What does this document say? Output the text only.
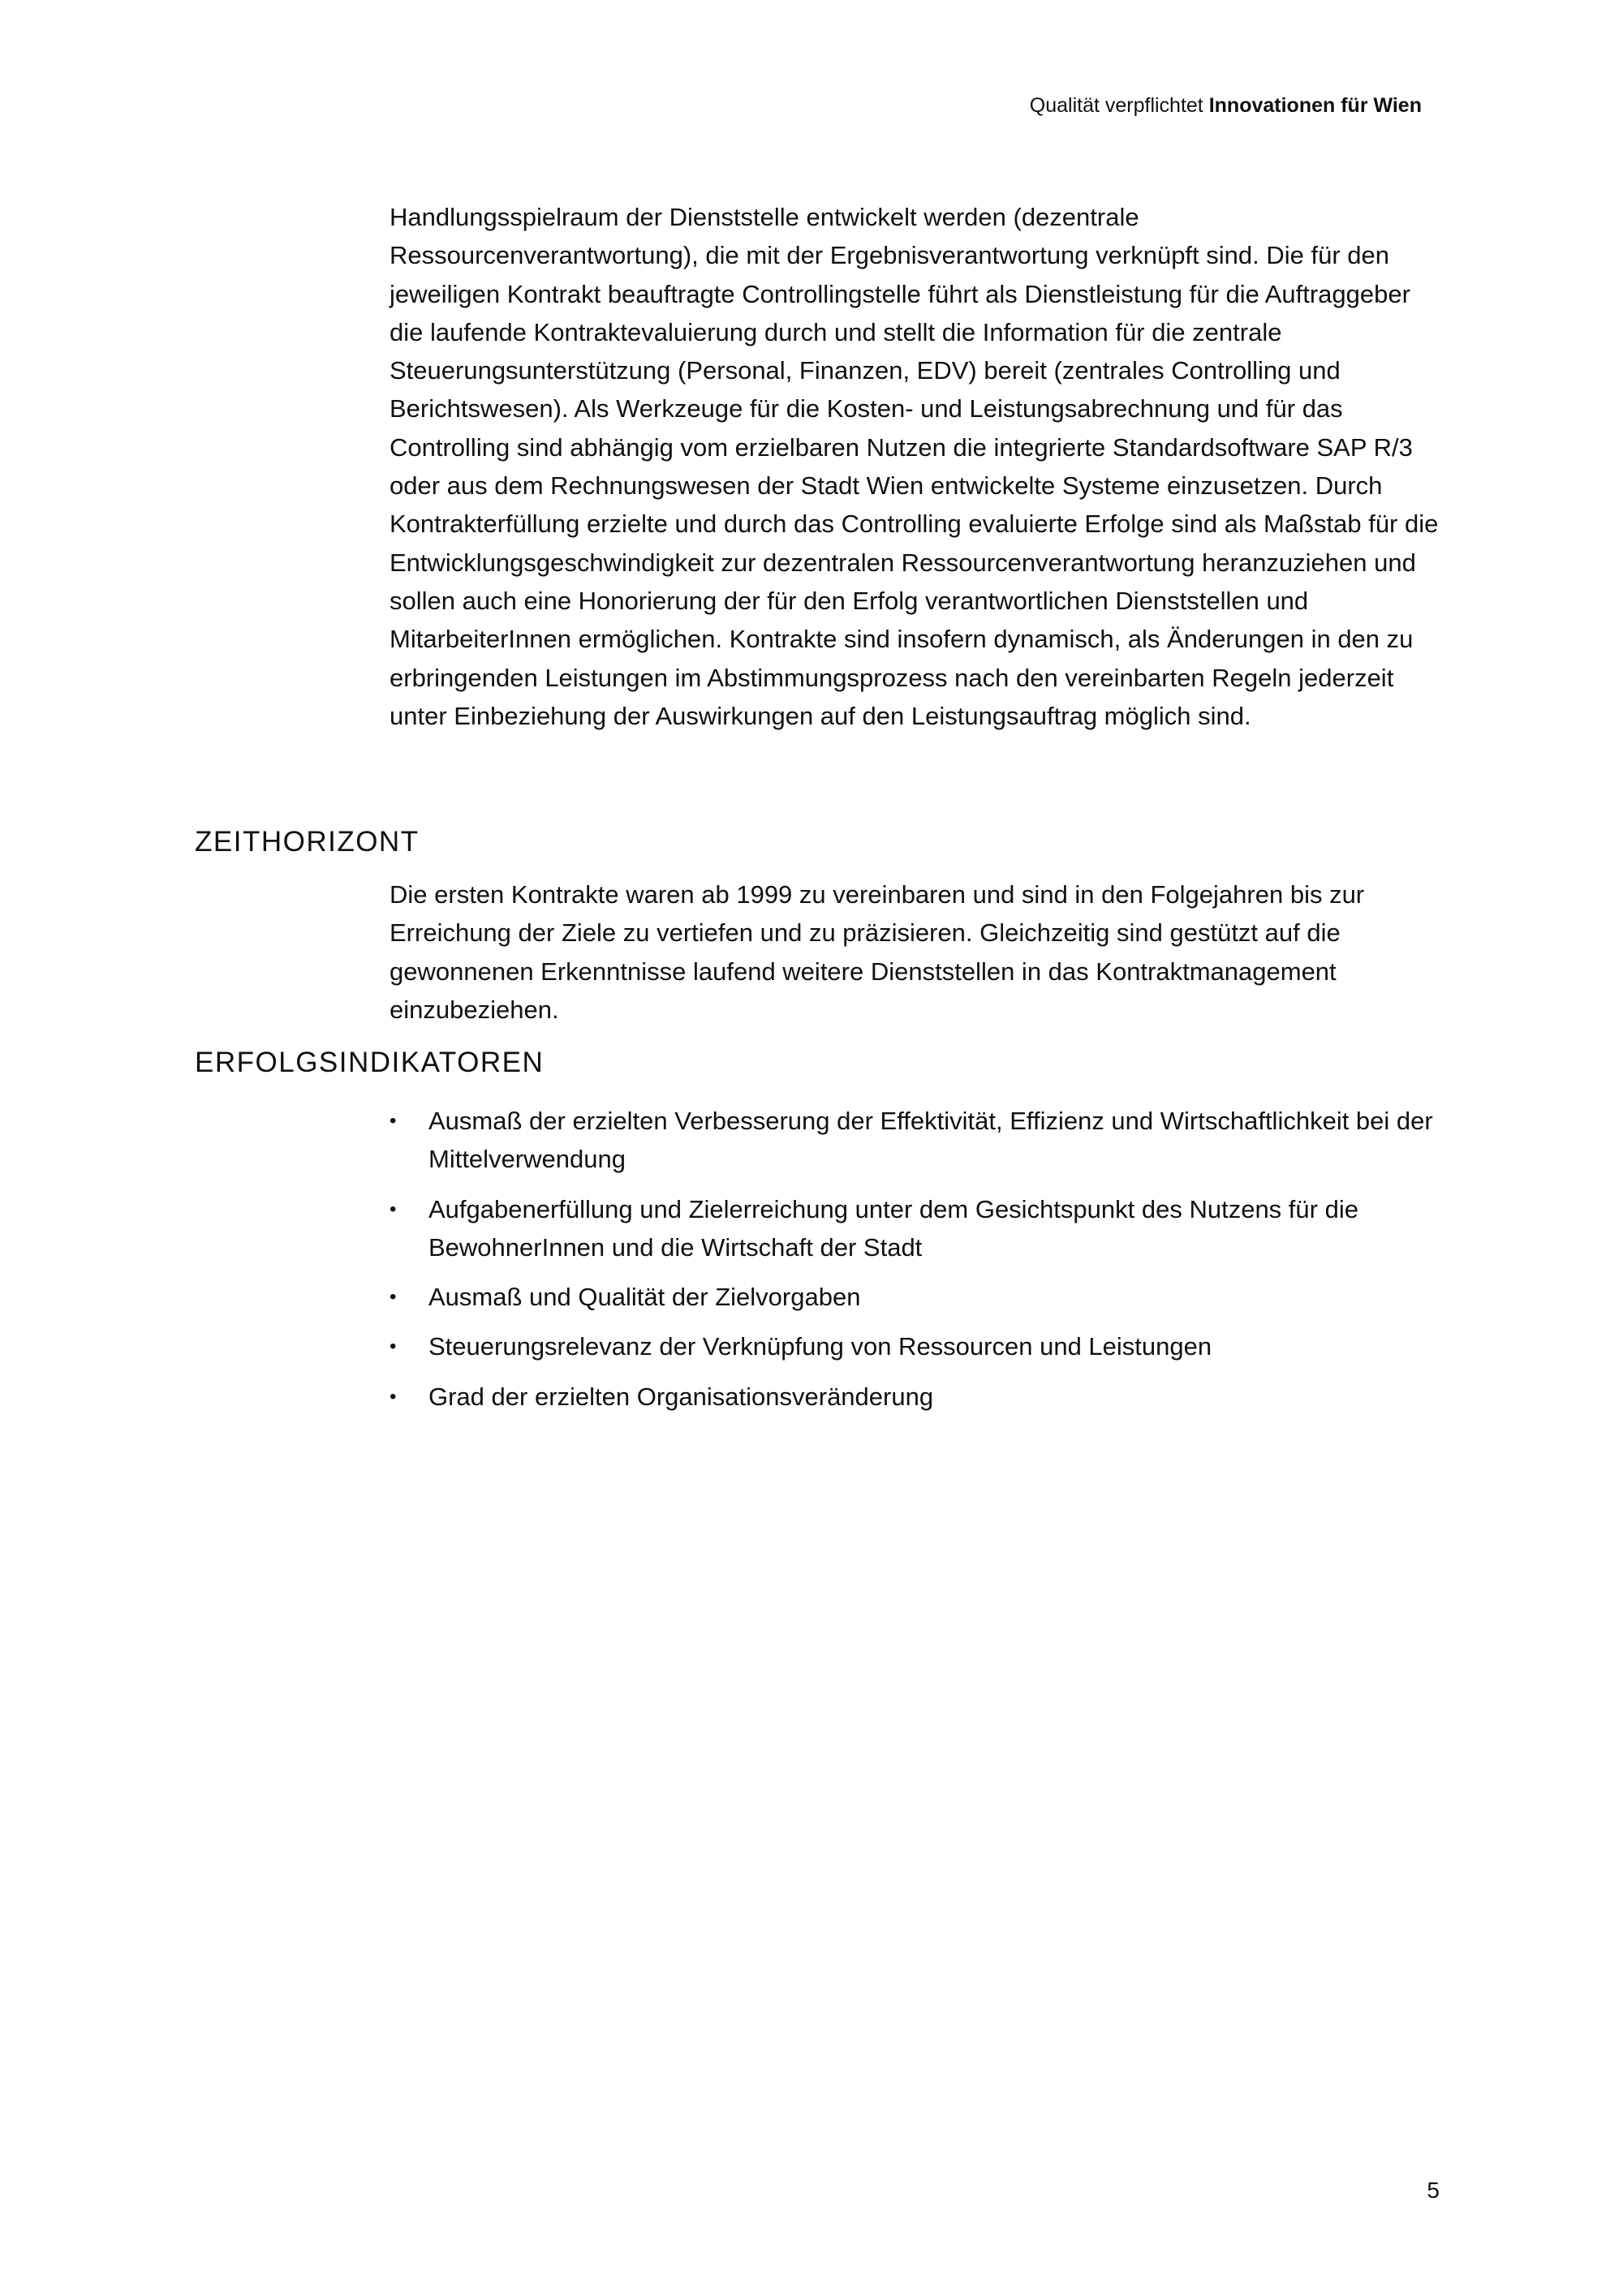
Qualität verpflichtet Innovationen für Wien

Handlungsspielraum der Dienststelle entwickelt werden (dezentrale Ressourcenverantwortung), die mit der Ergebnisverantwortung verknüpft sind. Die für den jeweiligen Kontrakt beauftragte Controllingstelle führt als Dienstleistung für die Auftraggeber die laufende Kontraktevaluierung durch und stellt die Information für die zentrale Steuerungsunterstützung (Personal, Finanzen, EDV) bereit (zentrales Controlling und Berichtswesen). Als Werkzeuge für die Kosten- und Leistungsabrechnung und für das Controlling sind abhängig vom erzielbaren Nutzen die integrierte Standardsoftware SAP R/3 oder aus dem Rechnungswesen der Stadt Wien entwickelte Systeme einzusetzen. Durch Kontrakterfüllung erzielte und durch das Controlling evaluierte Erfolge sind als Maßstab für die Entwicklungsgeschwindigkeit zur dezentralen Ressourcenverantwortung heranzuziehen und sollen auch eine Honorierung der für den Erfolg verantwortlichen Dienststellen und MitarbeiterInnen ermöglichen. Kontrakte sind insofern dynamisch, als Änderungen in den zu erbringenden Leistungen im Abstimmungsprozess nach den vereinbarten Regeln jederzeit unter Einbeziehung der Auswirkungen auf den Leistungsauftrag möglich sind.

ZEITHORIZONT

Die ersten Kontrakte waren ab 1999 zu vereinbaren und sind in den Folgejahren bis zur Erreichung der Ziele zu vertiefen und zu präzisieren. Gleichzeitig sind gestützt auf die gewonnenen Erkenntnisse laufend weitere Dienststellen in das Kontraktmanagement einzubeziehen.

ERFOLGSINDIKATOREN
• Ausmaß der erzielten Verbesserung der Effektivität, Effizienz und Wirtschaftlichkeit bei der Mittelverwendung
• Aufgabenerfüllung und Zielerreichung unter dem Gesichtspunkt des Nutzens für die BewohnerInnen und die Wirtschaft der Stadt
• Ausmaß und Qualität der Zielvorgaben
• Steuerungsrelevanz der Verknüpfung von Ressourcen und Leistungen
• Grad der erzielten Organisationsveränderung
5
